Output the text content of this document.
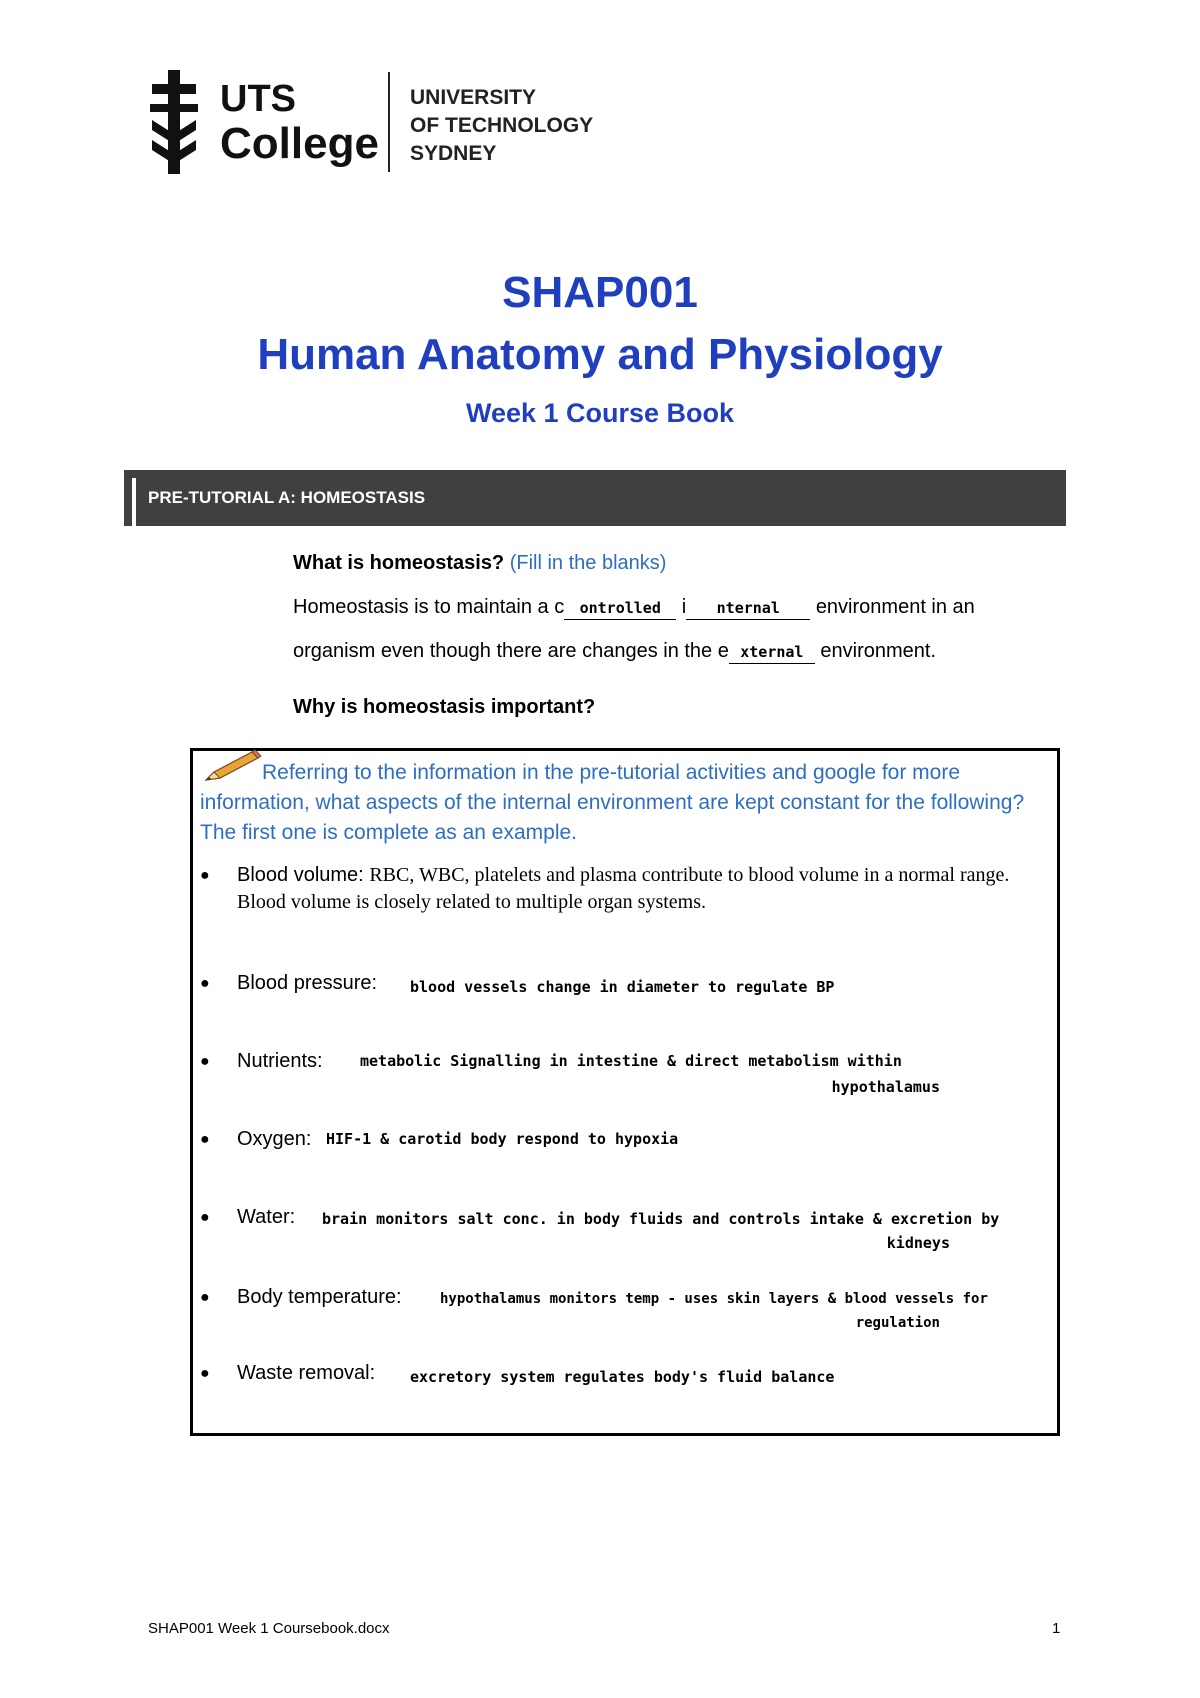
UTS
College
UNIVERSITY
OF TECHNOLOGY
SYDNEY
SHAP001
Human Anatomy and Physiology
Week 1 Course Book
PRE-TUTORIAL A: HOMEOSTASIS
What is homeostasis? (Fill in the blanks)
Homeostasis is to maintain a c	ontrolled	i	nternal	environment in an
organism even though there are changes in the e xternal environment.
Why is homeostasis important?
Referring to the information in the pre-tutorial activities and google for more information, what aspects of the internal environment are kept constant for the following? The first one is complete as an example.
● Blood volume: RBC, WBC, platelets and plasma contribute to blood volume in a normal range. Blood volume is closely related to multiple organ systems.
● Blood pressure: blood vessels change in diameter to regulate BP
● Nutrients: metabolic Signalling in intestine & direct metabolism within
hypothalamus
● Oxygen: HIF-1 & carotid body respond to hypoxia
● Water: brain monitors salt conc. in body fluids and controls intake & excretion by
kidneys
● Body temperature:	hypothalamus monitors temp - uses skin layers & blood vessels for
regulation
● Waste removal: excretory system regulates body's fluid balance
SHAP001 Week 1 Coursebook.docx	1
